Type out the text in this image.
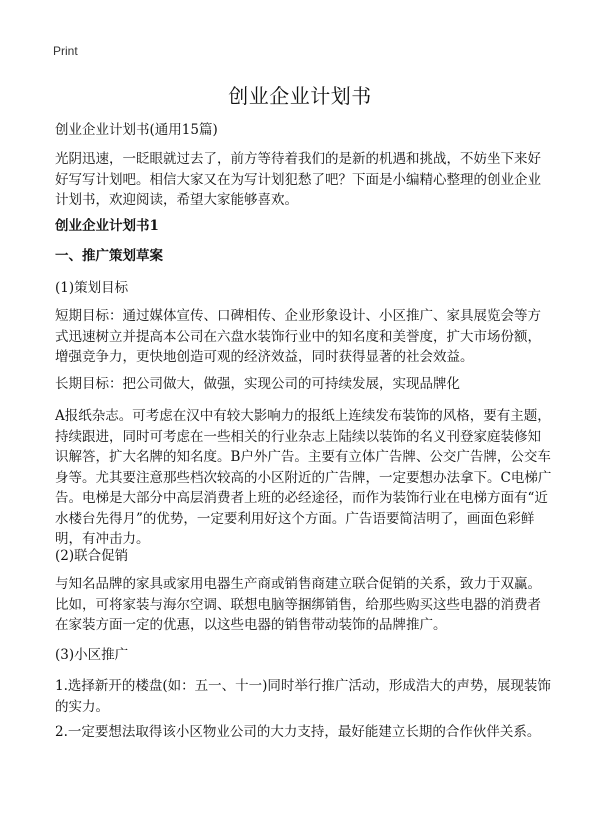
Print
创业企业计划书

创业企业计划书(通用15篇)

光阴迅速，一眨眼就过去了，前方等待着我们的是新的机遇和挑战，不妨坐下来好好写写计划吧。相信大家又在为写计划犯愁了吧？下面是小编精心整理的创业企业计划书，欢迎阅读，希望大家能够喜欢。

创业企业计划书1
一、推广策划草案

(1)策划目标

短期目标：通过媒体宣传、口碑相传、企业形象设计、小区推广、家具展览会等方式迅速树立并提高本公司在六盘水装饰行业中的知名度和美誉度，扩大市场份额，增强竞争力，更快地创造可观的经济效益，同时获得显著的社会效益。

长期目标：把公司做大，做强，实现公司的可持续发展，实现品牌化

A报纸杂志。可考虑在汉中有较大影响力的报纸上连续发布装饰的风格，要有主题，持续跟进，同时可考虑在一些相关的行业杂志上陆续以装饰的名义刊登家庭装修知识解答，扩大名牌的知名度。B户外广告。主要有立体广告牌、公交广告牌，公交车身等。尤其要注意那些档次较高的小区附近的广告牌，一定要想办法拿下。C电梯广告。电梯是大部分中高层消费者上班的必经途径，而作为装饰行业在电梯方面有“近水楼台先得月”的优势，一定要利用好这个方面。广告语要简洁明了，画面色彩鲜明，有冲击力。

(2)联合促销

与知名品牌的家具或家用电器生产商或销售商建立联合促销的关系，致力于双赢。比如，可将家装与海尔空调、联想电脑等捆绑销售，给那些购买这些电器的消费者在家装方面一定的优惠，以这些电器的销售带动装饰的品牌推广。

(3)小区推广

1.选择新开的楼盘(如：五一、十一)同时举行推广活动，形成浩大的声势，展现装饰的实力。

2.一定要想法取得该小区物业公司的大力支持，最好能建立长期的合作伙伴关系。
